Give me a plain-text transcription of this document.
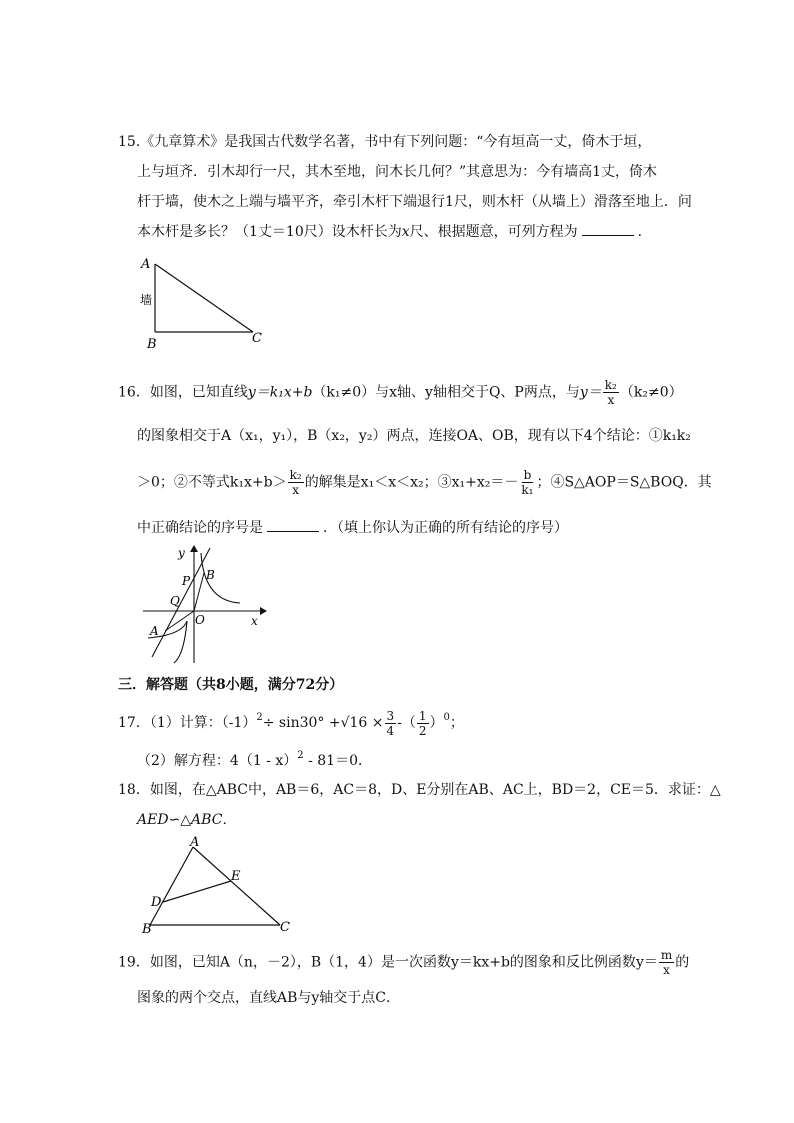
15.《九章算术》是我国古代数学名著，书中有下列问题：“今有垣高一丈，倚木于垣，
上与垣齐．引木却行一尺，其木至地，问木长几何？”其意思为：今有墙高1丈，倚木
杆于墙，使木之上端与墙平齐，牵引木杆下端退行1尺，则木杆（从墙上）滑落至地上．问
本木杆是多长？（1丈＝10尺）设木杆长为x尺、根据题意，可列方程为	．
A
墙
B	C
16．如图，已知直线y＝k₁x+b（k₁≠0）与x轴、y轴相交于Q、P两点，与$y= \frac{\text{k₂}}{x} (k_2\ne 0)$
的图象相交于A（x₁，y₁），B（x₂，y₂）两点，连接OA、OB，现有以下4个结论：①k₁k₂
＞0；②不等式$k_1x+b> \frac{\text{k₂}}{x}$ 的解集是x₁＜x＜x₂；③x₁+x₂＝－ $\frac{b}{\text{k₁}}$ ；④S△AOP＝S△BOQ．其
中正确结论的序号是	．（填上你认为正确的所有结论的序号）
y
x
O
P
Q
A
B
三．解答题（共8小题，满分72分）
17．（1）计算：$(-1)^2\div \sin 30^\circ +√16 \times \frac{3}{4}$ -（ $\frac{1}{2} )^0$；
（2）解方程：4（1 - x）$^2$ - 81＝0．
18．如图，在△ABC中，AB＝6，AC＝8，D、E分别在AB、AC上，BD＝2，CE＝5．求证：△
AED∽△ABC．
A
B	C
D
E
19．如图，已知A（n，－2），B（1，4）是一次函数y＝kx+b的图象和反比例函数$y= \frac{m}{x}$ 的
图象的两个交点，直线AB与y轴交于点C．
